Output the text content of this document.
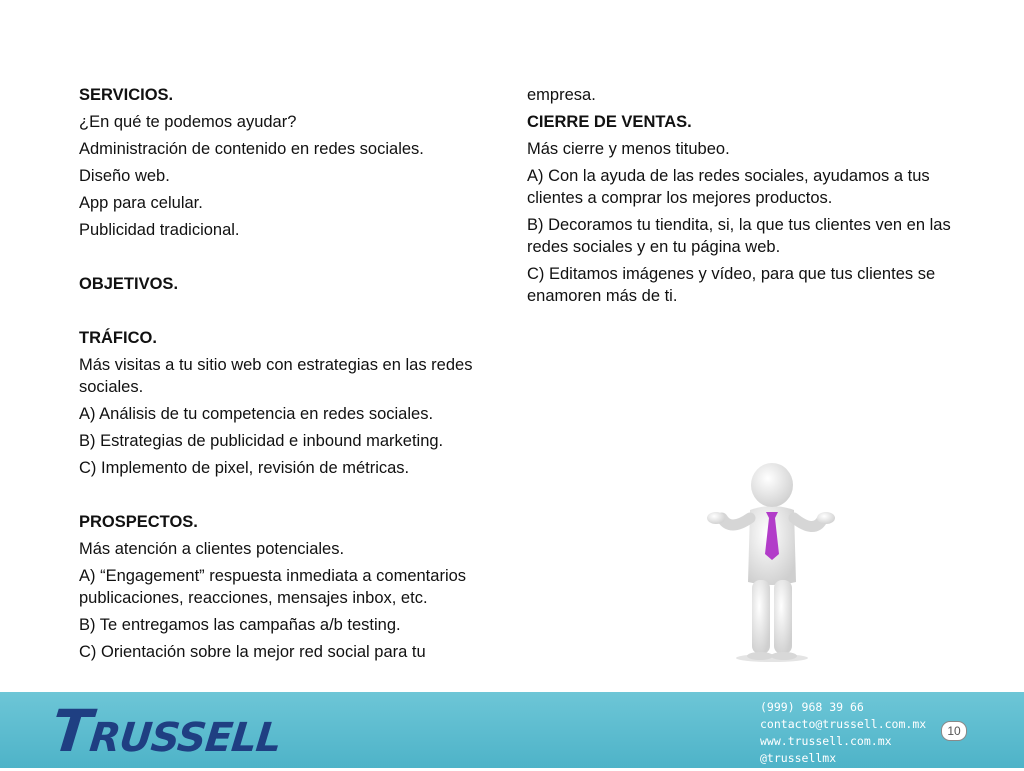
SERVICIOS.

¿En qué te podemos ayudar?

Administración de contenido en redes sociales.

Diseño web.

App para celular.

Publicidad tradicional.

OBJETIVOS.

TRÁFICO.

Más visitas a tu sitio web con estrategias en las redes sociales.

A) Análisis de tu competencia en redes sociales.

B) Estrategias de publicidad e inbound marketing.

C) Implemento de pixel, revisión de métricas.

PROSPECTOS.

Más atención a clientes potenciales.

A) “Engagement” respuesta inmediata a comentarios publicaciones, reacciones, mensajes inbox, etc.

B) Te entregamos las campañas a/b testing.

C) Orientación sobre la mejor red social para tu

empresa.

CIERRE DE VENTAS.

Más cierre y menos titubeo.

A) Con la ayuda de las redes sociales, ayudamos a tus clientes a comprar los mejores productos.

B) Decoramos tu tiendita, si, la que tus clientes ven en las redes sociales y en tu página web.

C) Editamos imágenes y vídeo, para que tus clientes se enamoren más de ti.

TRUSSELL
(999) 968 39 66
contacto@trussell.com.mx
www.trussell.com.mx
@trussellmx
10
